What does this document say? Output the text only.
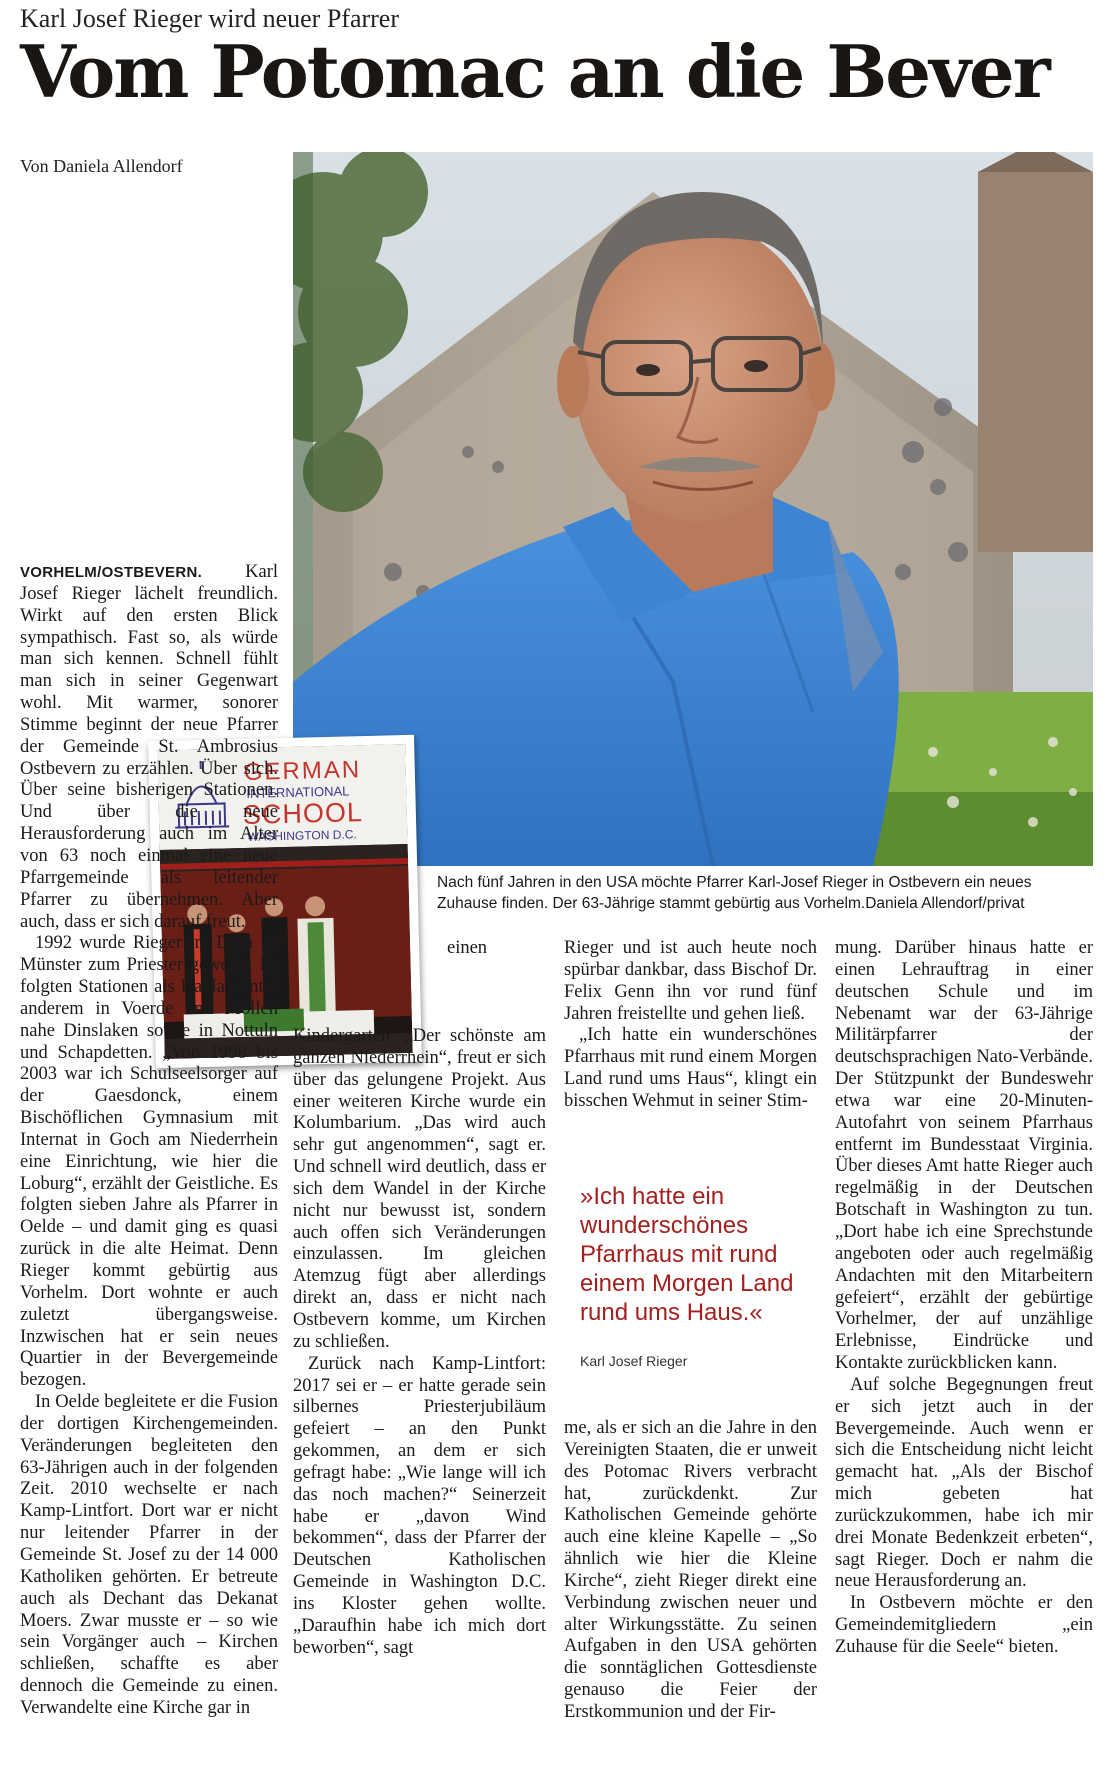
Karl Josef Rieger wird neuer Pfarrer
Vom Potomac an die Bever
Von Daniela Allendorf
Nach fünf Jahren in den USA möchte Pfarrer Karl-Josef Rieger in Ostbevern ein neues Zuhause finden. Der 63-Jährige stammt gebürtig aus Vorhelm.Daniela Allendorf/privat
GERMAN
INTERNATIONAL
SCHOOL
WASHINGTON D.C.

VORHELM/OSTBEVERN. Karl Josef Rieger lächelt freundlich. Wirkt auf den ersten Blick sympathisch. Fast so, als würde man sich kennen. Schnell fühlt man sich in seiner Gegenwart wohl. Mit warmer, sonorer Stimme beginnt der neue Pfarrer der Gemeinde St. Ambrosius Ostbevern zu erzählen. Über sich. Über seine bisherigen Stationen. Und über die neue Herausforderung auch im Alter von 63 noch einmal eine neue Pfarrgemeinde als leitender Pfarrer zu übernehmen. Aber auch, dass er sich darauf freut.

1992 wurde Rieger im Dom zu Münster zum Priester geweiht. Es folgten Stationen als Kaplan unter anderem in Voerde und Möllen nahe Dinslaken sowie in Nottuln und Schapdetten. „Von 1998 bis 2003 war ich Schulseelsorger auf der Gaesdonck, einem Bischöflichen Gymnasium mit Internat in Goch am Niederrhein eine Einrichtung, wie hier die Loburg“, erzählt der Geistliche. Es folgten sieben Jahre als Pfarrer in Oelde – und damit ging es quasi zurück in die alte Heimat. Denn Rieger kommt gebürtig aus Vorhelm. Dort wohnte er auch zuletzt übergangsweise. Inzwischen hat er sein neues Quartier in der Bevergemeinde bezogen.

In Oelde begleitete er die Fusion der dortigen Kirchengemeinden. Veränderungen begleiteten den 63-Jährigen auch in der folgenden Zeit. 2010 wechselte er nach Kamp-Lintfort. Dort war er nicht nur leitender Pfarrer in der Gemeinde St. Josef zu der 14 000 Katholiken gehörten. Er betreute auch als Dechant das Dekanat Moers. Zwar musste er – so wie sein Vorgänger auch – Kirchen schließen, schaffte es aber dennoch die Gemeinde zu einen. Verwandelte eine Kirche gar in

einen Kindergarten. „Der schönste am ganzen Niederrhein“, freut er sich über das gelungene Projekt. Aus einer weiteren Kirche wurde ein Kolumbarium. „Das wird auch sehr gut angenommen“, sagt er. Und schnell wird deutlich, dass er sich dem Wandel in der Kirche nicht nur bewusst ist, sondern auch offen sich Veränderungen einzulassen. Im gleichen Atemzug fügt aber allerdings direkt an, dass er nicht nach Ostbevern komme, um Kirchen zu schließen.

Zurück nach Kamp-Lintfort: 2017 sei er – er hatte gerade sein silbernes Priesterjubiläum gefeiert – an den Punkt gekommen, an dem er sich gefragt habe: „Wie lange will ich das noch machen?“ Seinerzeit habe er „davon Wind bekommen“, dass der Pfarrer der Deutschen Katholischen Gemeinde in Washington D.C. ins Kloster gehen wollte. „Daraufhin habe ich mich dort beworben“, sagt

Rieger und ist auch heute noch spürbar dankbar, dass Bischof Dr. Felix Genn ihn vor rund fünf Jahren freistellte und gehen ließ.

„Ich hatte ein wunderschönes Pfarrhaus mit rund einem Morgen Land rund ums Haus“, klingt ein bisschen Wehmut in seiner Stim-

»Ich hatte ein wunderschönes Pfarrhaus mit rund einem Morgen Land rund ums Haus.«
Karl Josef Rieger

me, als er sich an die Jahre in den Vereinigten Staaten, die er unweit des Potomac Rivers verbracht hat, zurückdenkt. Zur Katholischen Gemeinde gehörte auch eine kleine Kapelle – „So ähnlich wie hier die Kleine Kirche“, zieht Rieger direkt eine Verbindung zwischen neuer und alter Wirkungsstätte. Zu seinen Aufgaben in den USA gehörten die sonntäglichen Gottesdienste genauso die Feier der Erstkommunion und der Fir-

mung. Darüber hinaus hatte er einen Lehrauftrag in einer deutschen Schule und im Nebenamt war der 63-Jährige Militärpfarrer der deutschsprachigen Nato-Verbände. Der Stützpunkt der Bundeswehr etwa war eine 20-Minuten-Autofahrt von seinem Pfarrhaus entfernt im Bundesstaat Virginia. Über dieses Amt hatte Rieger auch regelmäßig in der Deutschen Botschaft in Washington zu tun. „Dort habe ich eine Sprechstunde angeboten oder auch regelmäßig Andachten mit den Mitarbeitern gefeiert“, erzählt der gebürtige Vorhelmer, der auf unzählige Erlebnisse, Eindrücke und Kontakte zurückblicken kann.

Auf solche Begegnungen freut er sich jetzt auch in der Bevergemeinde. Auch wenn er sich die Entscheidung nicht leicht gemacht hat. „Als der Bischof mich gebeten hat zurückzukommen, habe ich mir drei Monate Bedenkzeit erbeten“, sagt Rieger. Doch er nahm die neue Herausforderung an.

In Ostbevern möchte er den Gemeindemitgliedern „ein Zuhause für die Seele“ bieten.
